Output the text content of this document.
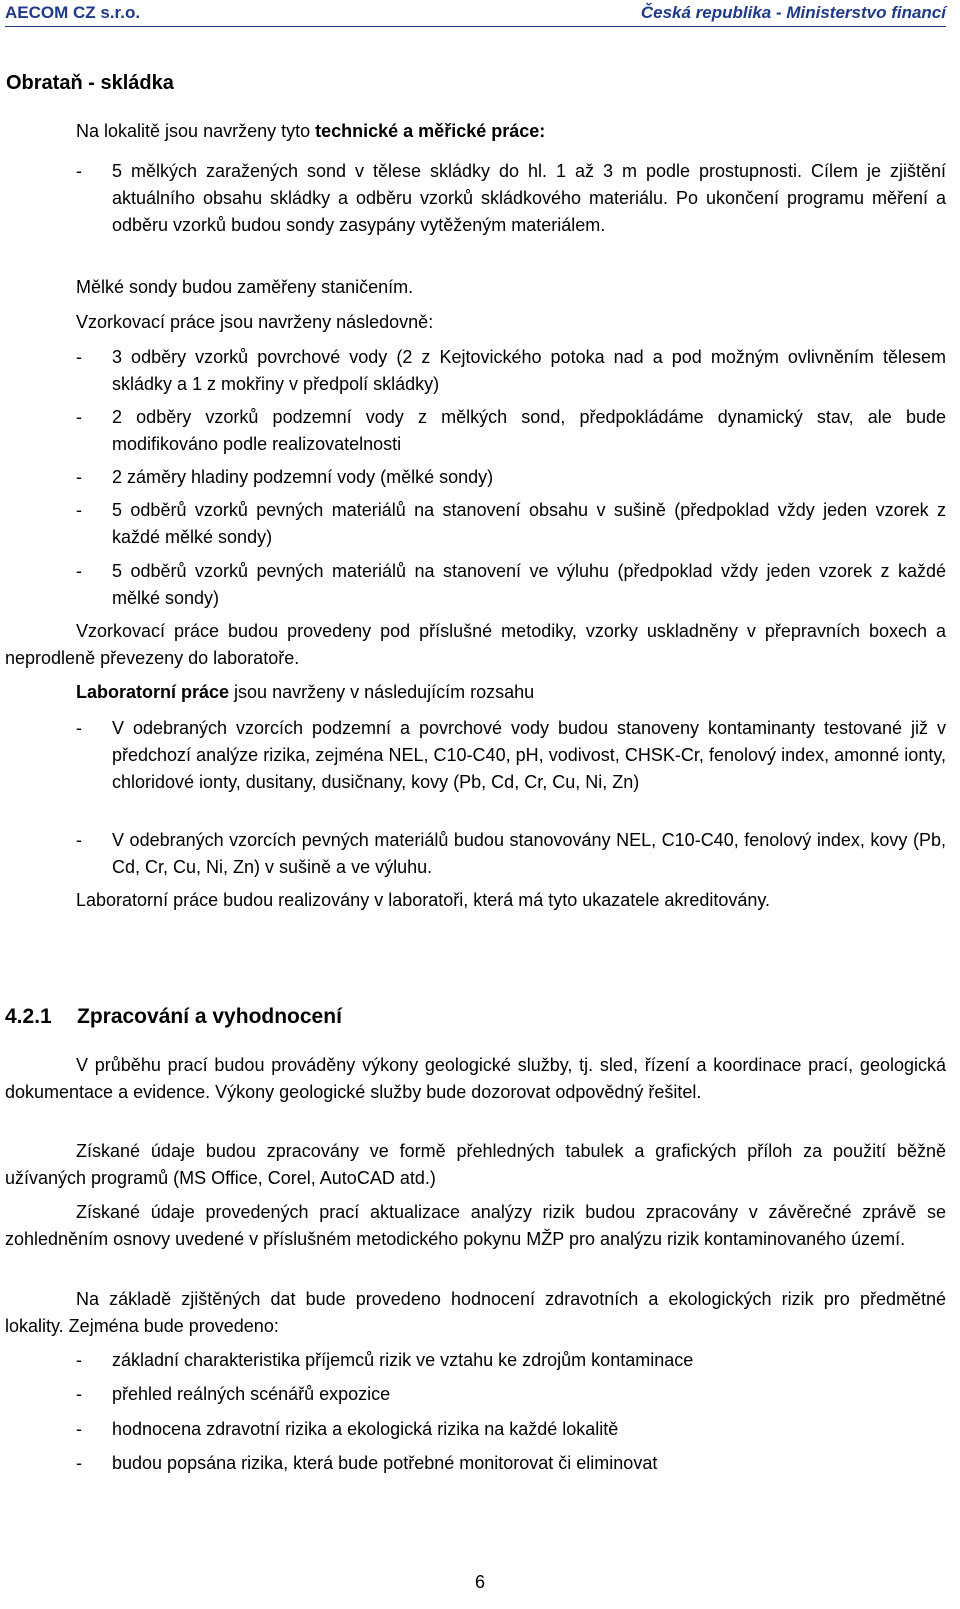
AECOM CZ s.r.o.	Česká republika - Ministerstvo financí
Obrataň - skládka

Na lokalitě jsou navrženy tyto technické a měřické práce:

- 5 mělkých zaražených sond v tělese skládky do hl. 1 až 3 m podle prostupnosti. Cílem je zjištění aktuálního obsahu skládky a odběru vzorků skládkového materiálu. Po ukončení programu měření a odběru vzorků budou sondy zasypány vytěženým materiálem.

Mělké sondy budou zaměřeny staničením.

Vzorkovací práce jsou navrženy následovně:

- 3 odběry vzorků povrchové vody (2 z Kejtovického potoka nad a pod možným ovlivněním tělesem skládky a 1 z mokřiny v předpolí skládky)
- 2 odběry vzorků podzemní vody z mělkých sond, předpokládáme dynamický stav, ale bude modifikováno podle realizovatelnosti
- 2 záměry hladiny podzemní vody (mělké sondy)
- 5 odběrů vzorků pevných materiálů na stanovení obsahu v sušině (předpoklad vždy jeden vzorek z každé mělké sondy)
- 5 odběrů vzorků pevných materiálů na stanovení ve výluhu (předpoklad vždy jeden vzorek z každé mělké sondy)

Vzorkovací práce budou provedeny pod příslušné metodiky, vzorky uskladněny v přepravních boxech a neprodleně převezeny do laboratoře.

Laboratorní práce jsou navrženy v následujícím rozsahu

- V odebraných vzorcích podzemní a povrchové vody budou stanoveny kontaminanty testované již v předchozí analýze rizika, zejména NEL, C10-C40, pH, vodivost, CHSK-Cr, fenolový index, amonné ionty, chloridové ionty, dusitany, dusičnany, kovy (Pb, Cd, Cr, Cu, Ni, Zn)
- V odebraných vzorcích pevných materiálů budou stanovovány NEL, C10-C40, fenolový index, kovy (Pb, Cd, Cr, Cu, Ni, Zn) v sušině a ve výluhu.

Laboratorní práce budou realizovány v laboratoři, která má tyto ukazatele akreditovány.

4.2.1 Zpracování a vyhodnocení

V průběhu prací budou prováděny výkony geologické služby, tj. sled, řízení a koordinace prací, geologická dokumentace a evidence. Výkony geologické služby bude dozorovat odpovědný řešitel.

Získané údaje budou zpracovány ve formě přehledných tabulek a grafických příloh za použití běžně užívaných programů (MS Office, Corel, AutoCAD atd.)

Získané údaje provedených prací aktualizace analýzy rizik budou zpracovány v závěrečné zprávě se zohledněním osnovy uvedené v příslušném metodického pokynu MŽP pro analýzu rizik kontaminovaného území.

Na základě zjištěných dat bude provedeno hodnocení zdravotních a ekologických rizik pro předmětné lokality. Zejména bude provedeno:

- základní charakteristika příjemců rizik ve vztahu ke zdrojům kontaminace
- přehled reálných scénářů expozice
- hodnocena zdravotní rizika a ekologická rizika na každé lokalitě
- budou popsána rizika, která bude potřebné monitorovat či eliminovat
6
